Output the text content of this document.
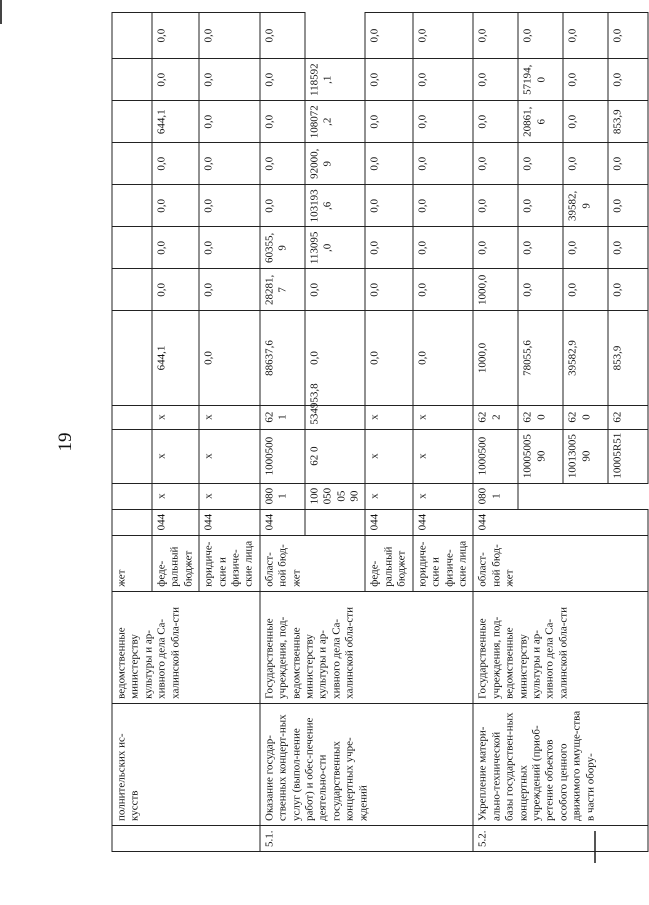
19
	полнительских ис-кусств	ведомственные министерству культуры и ар-хивного дела Са-халинской обла-сти	жет												
			феде-ральный бюджет	044	x	x	x	644,1	0,0	0,0	0,0	0,0	644,1	0,0	0,0
			юридиче-ские и физиче-ские лица	044	x	x	x	0,0	0,0	0,0	0,0	0,0	0,0	0,0	0,0
5.1.	Оказание государ-ственных концерт-ных услуг (выпол-нение работ) и обес-печение деятельно-сти государственных концертных учре-ждений	Государственные учреждения, под-ведомственные министерству культуры и ар-хивного дела Са-халинской обла-сти	област-ной бюд-жет	044	080 1	1000500	62 1	88637,6	28281,7	60355,9	0,0	0,0	0,0	0,0	0,0
					10005005 90	62 0	534953,8	0,0	0,0	113095,0	103193,6	92000,9	108072,2	118592,1	
			феде-ральный бюджет	044	x	x	x	0,0	0,0	0,0	0,0	0,0	0,0	0,0	0,0
			юридиче-ские и физиче-ские лица	044	x	x	x	0,0	0,0	0,0	0,0	0,0	0,0	0,0	0,0
5.2.	Укрепление матери-ально-технической базы государствен-ных концертных учреждений (приоб-ретение объектов особого ценного движимого имуще-ства в части обору-	Государственные учреждения, под-ведомственные министерству культуры и ар-хивного дела Са-халинской обла-сти	област-ной бюд-жет	044	080 1	1000500	62 2	1000,0	1000,0	0,0	0,0	0,0	0,0	0,0	0,0
						10005005 90	62 0	78055,6	0,0	0,0	0,0	0,0	20861,6	57194,0	0,0
						10013005 90	62 0	39582,9	0,0	0,0	39582,9	0,0	0,0	0,0	0,0
						10005R51	62	853,9	0,0	0,0	0,0	0,0	853,9	0,0	0,0
